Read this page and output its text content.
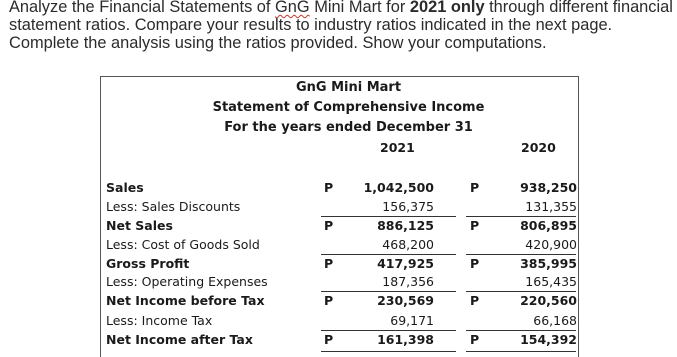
Analyze the Financial Statements of GnG Mini Mart for 2021 only through different financial statement ratios. Compare your results to industry ratios indicated in the next page. Complete the analysis using the ratios provided. Show your computations.
GnG Mini Mart
Statement of Comprehensive Income
For the years ended December 31
2021	2020
Sales	P	1,042,500	P	938,250
Less: Sales Discounts	156,375	131,355
Net Sales	P	886,125	P	806,895
Less: Cost of Goods Sold	468,200	420,900
Gross Profit	P	417,925	P	385,995
Less: Operating Expenses	187,356	165,435
Net Income before Tax	P	230,569	P	220,560
Less: Income Tax	69,171	66,168
Net Income after Tax	P	161,398	P	154,392
